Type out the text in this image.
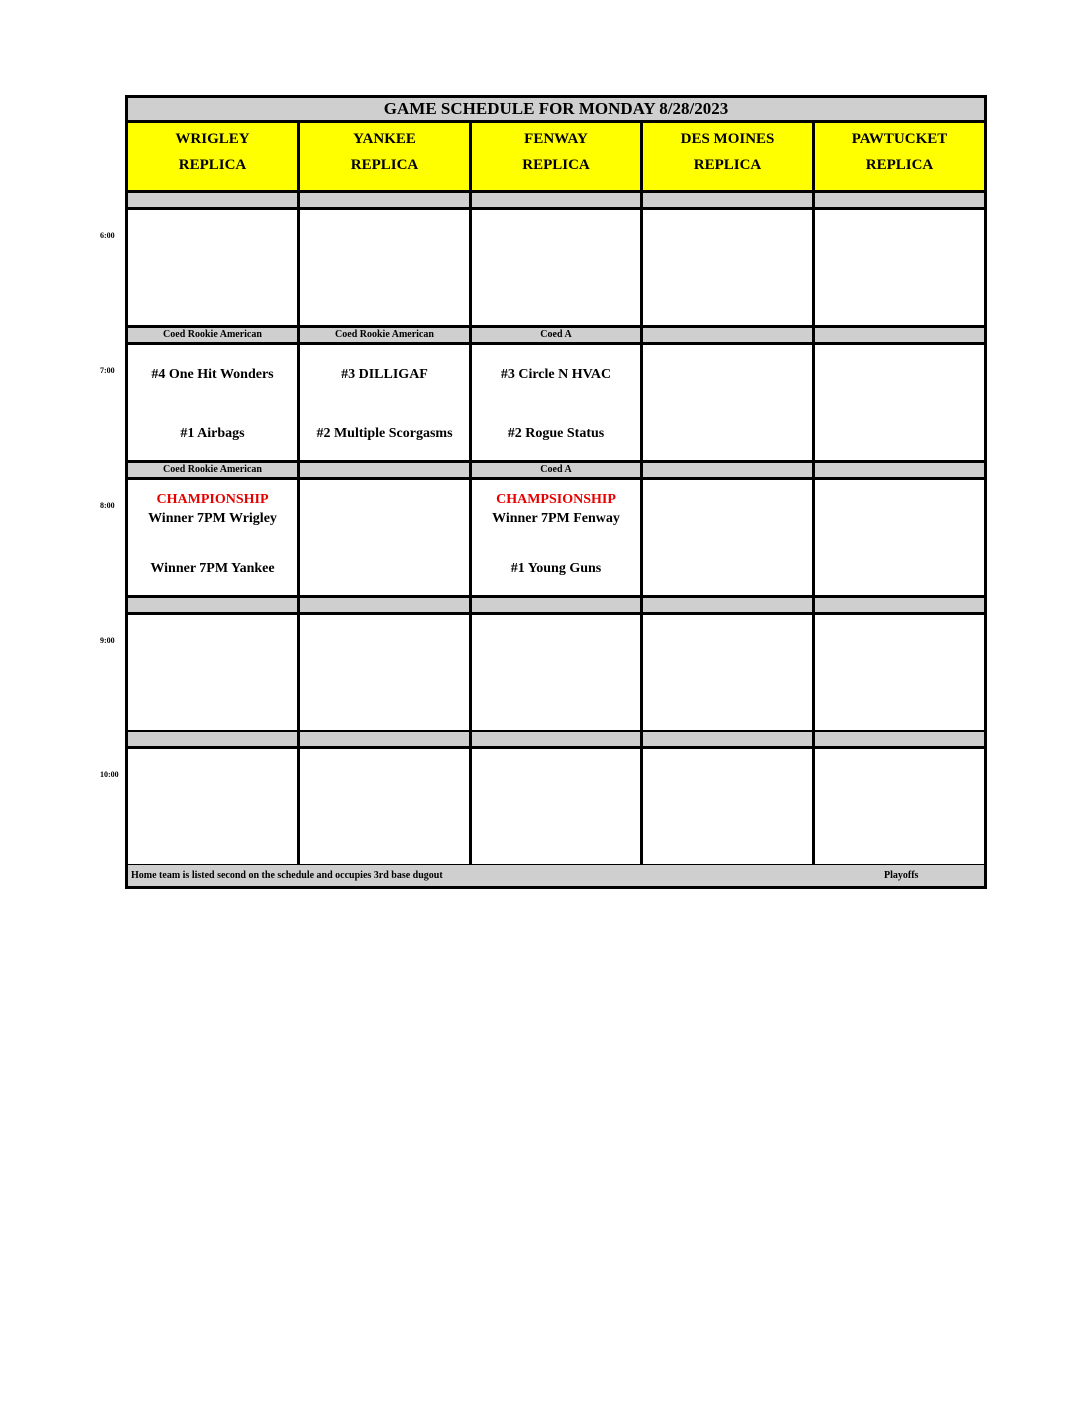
GAME SCHEDULE FOR MONDAY 8/28/2023
WRIGLEY
REPLICA
YANKEE
REPLICA
FENWAY
REPLICA
DES MOINES
REPLICA
PAWTUCKET
REPLICA
Coed Rookie American
#4 One Hit Wonders
#1 Airbags
Coed Rookie American
#3 DILLIGAF
#2 Multiple Scorgasms
Coed A
#3 Circle N HVAC
#2 Rogue Status
Coed Rookie American
CHAMPIONSHIP
Winner 7PM Wrigley
Winner 7PM Yankee
Coed A
CHAMPSIONSHIP
Winner 7PM Fenway
#1 Young Guns
Home team is listed second on the schedule and occupies 3rd base dugout	Playoffs
6:00
7:00
8:00
9:00
10:00
